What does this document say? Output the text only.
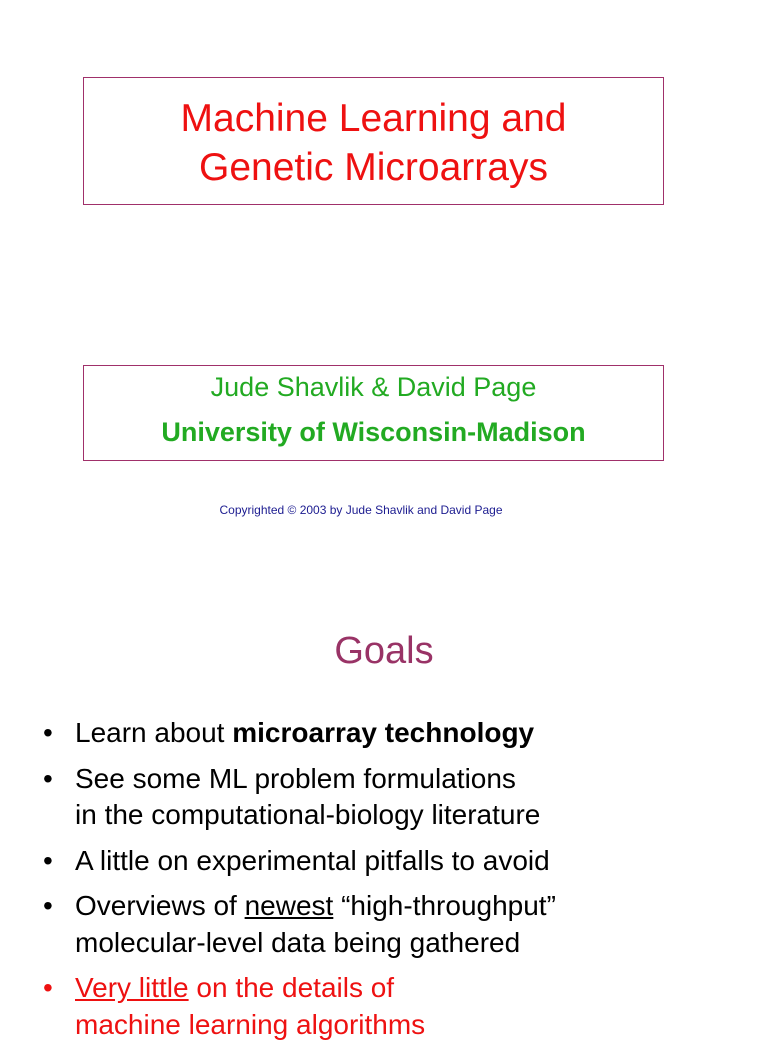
Machine Learning and
Genetic Microarrays
Jude Shavlik & David Page
University of Wisconsin-Madison
Copyrighted © 2003 by Jude Shavlik and David Page
Goals
• Learn about microarray technology
• See some ML problem formulations
in the computational-biology literature
• A little on experimental pitfalls to avoid
• Overviews of newest “high-throughput”
molecular-level data being gathered
• Very little on the details of
machine learning algorithms
